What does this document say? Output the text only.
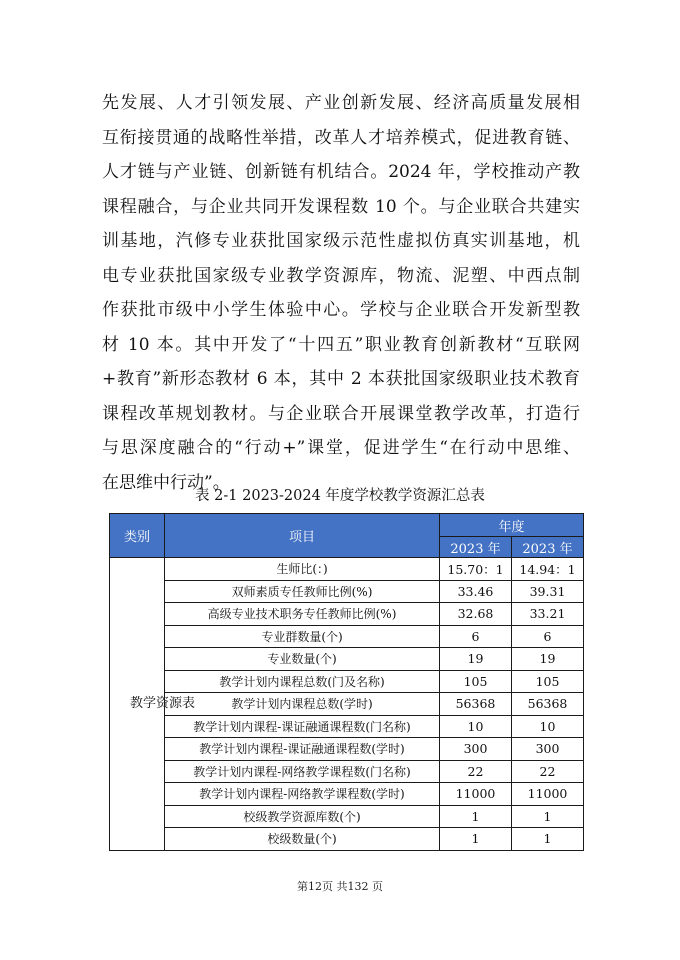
先发展、人才引领发展、产业创新发展、经济高质量发展相
互衔接贯通的战略性举措，改革人才培养模式，促进教育链、
人才链与产业链、创新链有机结合。2024 年，学校推动产教
课程融合，与企业共同开发课程数 10 个。与企业联合共建实
训基地，汽修专业获批国家级示范性虚拟仿真实训基地，机
电专业获批国家级专业教学资源库，物流、泥塑、中西点制
作获批市级中小学生体验中心。学校与企业联合开发新型教
材 10 本。其中开发了“十四五”职业教育创新教材“互联网
+教育”新形态教材 6 本，其中 2 本获批国家级职业技术教育
课程改革规划教材。与企业联合开展课堂教学改革，打造行
与思深度融合的“行动+”课堂，促进学生“在行动中思维、
在思维中行动”。
表 2-1 2023-2024 年度学校教学资源汇总表
类别	项目	年度	
		2023 年	2023 年

教学资源表	生师比(：)	15.70：1	14.94：1
	双师素质专任教师比例(%)	33.46	39.31
	高级专业技术职务专任教师比例(%)	32.68	33.21
	专业群数量(个)	6	6
	专业数量(个)	19	19
	教学计划内课程总数(门及名称)	105	105
	教学计划内课程总数(学时)	56368	56368
	教学计划内课程-课证融通课程数(门名称)	10	10
	教学计划内课程-课证融通课程数(学时)	300	300
	教学计划内课程-网络教学课程数(门名称)	22	22
	教学计划内课程-网络教学课程数(学时)	11000	11000
	校级教学资源库数(个)	1	1
	校级数量(个)	1	1
第12页 共132 页
